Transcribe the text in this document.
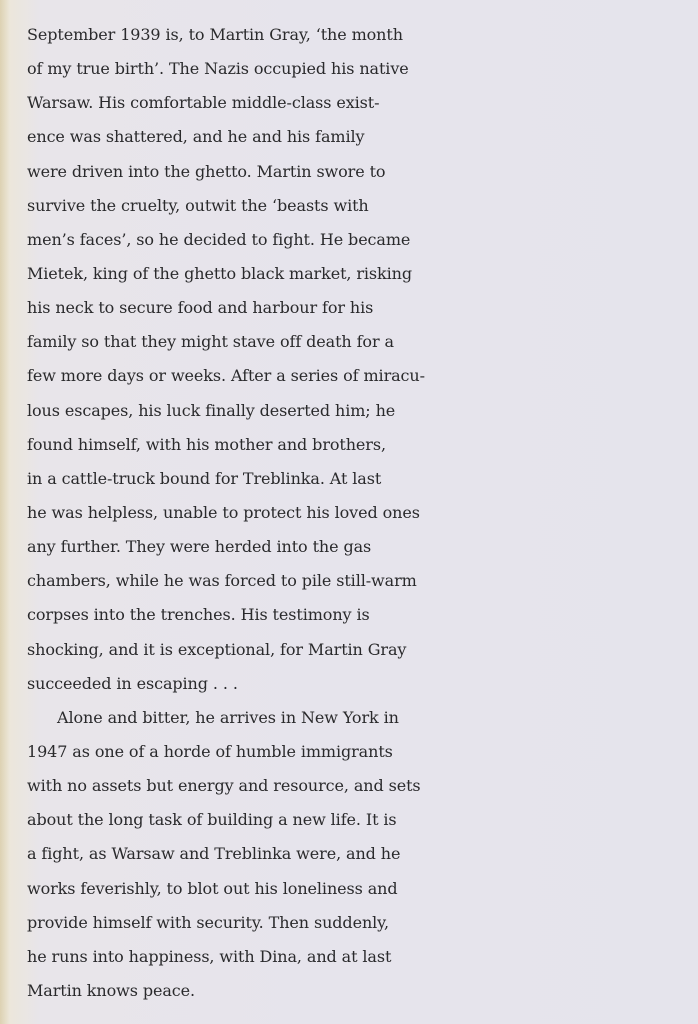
September 1939 is, to Martin Gray, ‘the month
of my true birth’. The Nazis occupied his native
Warsaw. His comfortable middle-class exist-
ence was shattered, and he and his family
were driven into the ghetto. Martin swore to
survive the cruelty, outwit the ‘beasts with
men’s faces’, so he decided to fight. He became
Mietek, king of the ghetto black market, risking
his neck to secure food and harbour for his
family so that they might stave off death for a
few more days or weeks. After a series of miracu-
lous escapes, his luck finally deserted him; he
found himself, with his mother and brothers,
in a cattle-truck bound for Treblinka. At last
he was helpless, unable to protect his loved ones
any further. They were herded into the gas
chambers, while he was forced to pile still-warm
corpses into the trenches. His testimony is
shocking, and it is exceptional, for Martin Gray
succeeded in escaping . . .
Alone and bitter, he arrives in New York in
1947 as one of a horde of humble immigrants
with no assets but energy and resource, and sets
about the long task of building a new life. It is
a fight, as Warsaw and Treblinka were, and he
works feverishly, to blot out his loneliness and
provide himself with security. Then suddenly,
he runs into happiness, with Dina, and at last
Martin knows peace.
